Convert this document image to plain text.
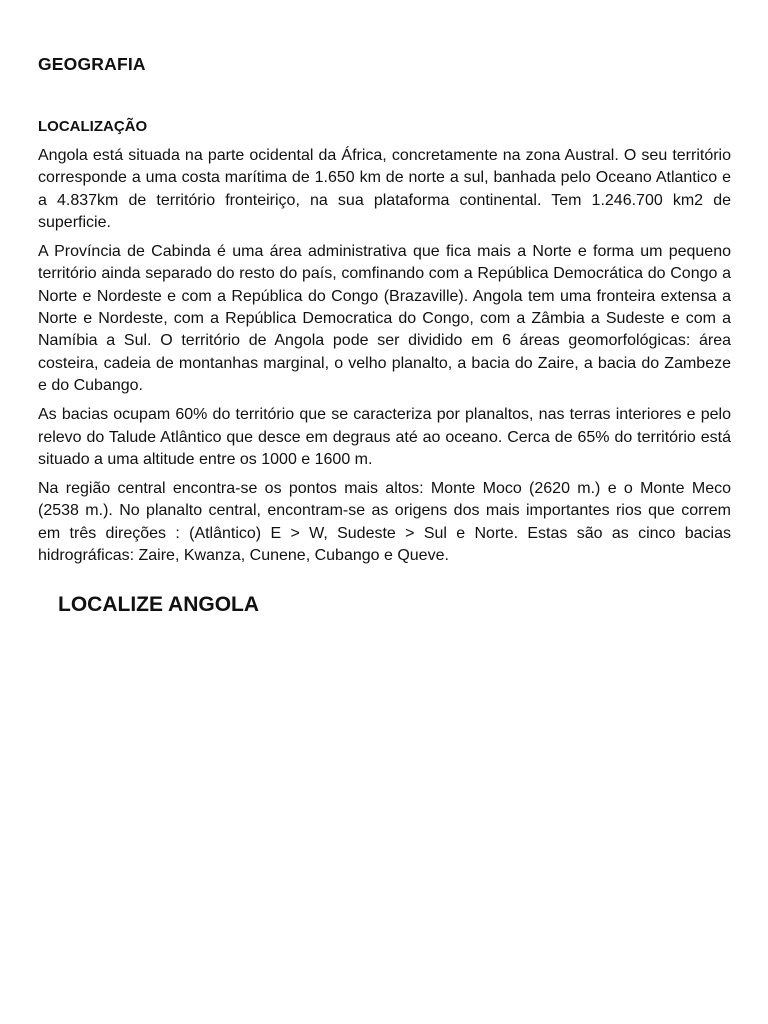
GEOGRAFIA
LOCALIZAÇÃO

Angola está situada na parte ocidental da África, concretamente na zona Austral. O seu território corresponde a uma costa marítima de 1.650 km de norte a sul, banhada pelo Oceano Atlantico e a 4.837km de território fronteiriço, na sua plataforma continental. Tem 1.246.700 km2 de superficie.

A Província de Cabinda é uma área administrativa que fica mais a Norte e forma um pequeno território ainda separado do resto do país, comfinando com a República Democrática do Congo a Norte e Nordeste e com a República do Congo (Brazaville). Angola tem uma fronteira extensa a Norte e Nordeste, com a República Democratica do Congo, com a Zâmbia a Sudeste e com a Namíbia a Sul. O território de Angola pode ser dividido em 6 áreas geomorfológicas: área costeira, cadeia de montanhas marginal, o velho planalto, a bacia do Zaire, a bacia do Zambeze e do Cubango.

As bacias ocupam 60% do território que se caracteriza por planaltos, nas terras interiores e pelo relevo do Talude Atlântico que desce em degraus até ao oceano. Cerca de 65% do território está situado a uma altitude entre os 1000 e 1600 m.

Na região central encontra-se os pontos mais altos: Monte Moco (2620 m.) e o Monte Meco (2538 m.). No planalto central, encontram-se as origens dos mais importantes rios que correm em três direções : (Atlântico) E > W, Sudeste > Sul e Norte. Estas são as cinco bacias hidrográficas: Zaire, Kwanza, Cunene, Cubango e Queve.

LOCALIZE ANGOLA
